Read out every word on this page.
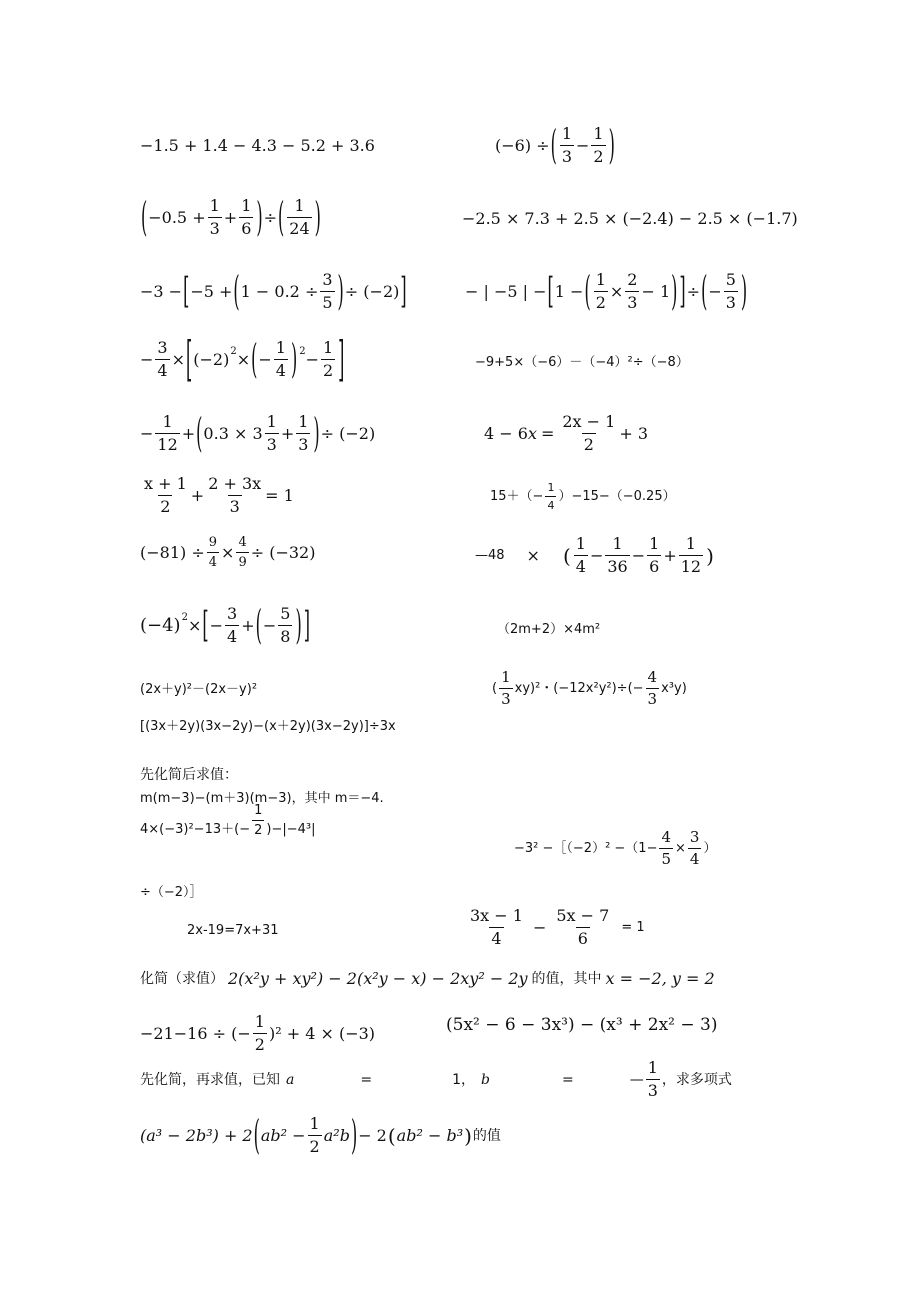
−1.5 + 1.4 − 4.3 − 5.2 + 3.6	(−6) ÷ ( $\frac{1}{3} - \frac{1}{2}$ )
( $-0.5 + \frac{1}{3} + \frac{1}{6}$ ) ÷ ( $\frac{1}{24}$ )	−2.5 × 7.3 + 2.5 × (−2.4) − 2.5 × (−1.7)
−3 − [ −5 + ( $1 - 0.2 \div \frac{3}{5}$ ) ÷ (−2) ]	− | −5 | − [ 1 − ( $\frac{1}{2} \times \frac{2}{3} - 1$ ) ] ÷ ( − $\frac{5}{3}$ )
− $\frac{3}{4}$ × [ (−2) 2 × ( − $\frac{1}{4}$ ) $2 - \frac{1}{2}$ ]	−9+5×（−6）－（−4）²÷（−8）
− $\frac{1}{12}$ + ( $0.3 \times 3 \frac{1}{3} + \frac{1}{3}$ ) ÷ (−2)	4 − 6 $x = \frac{2x - 1}{2} + 3$
$\frac{x + 1}{2} + \frac{2 + 3x}{3} = 1$	$15+(- \frac{1}{4} )-15-(-0.25)$
$(-81) \div \frac{9}{4} \times \frac{4}{9} \div (-32)$	—48 × ( $\frac{1}{4} - \frac{1}{36} - \frac{1}{6} + \frac{1}{12}$ )
(−4) 2 × [ − $\frac{3}{4}$ + ( − $\frac{5}{8}$ ) ]	（2m+2）×4m²
(2x＋y)²－(2x－y)²	( $\frac{1}{3} xy)^2$・$(-12x^2y^2)\div(- \frac{4}{3} x^3y)$
[(3x＋2y)(3x−2y)−(x＋2y)(3x−2y)]÷3x
先化简后求值：
m(m−3)−(m＋3)(m−3)，其中 m＝−4.
$4\times(-3)^2-13+(- \frac{1}{2} )-|-4^3|$
−3² −［（−2）² $-(1- \frac{4}{5} \times \frac{3}{4}$ ）
÷（−2）］
2x-19=7x+31	$\frac{3x - 1}{4} - \frac{5x - 7}{6} = 1$
化简（求值） 2(x²y + xy²) − 2(x²y − x) − 2xy² − 2y 的值，其中 x = −2, y = 2
−21−16 ÷ (− $\frac{1}{2} )^2 + 4 \times (-3)$	(5x² − 6 − 3x³) − (x³ + 2x² − 3)
先化简，再求值，已知 a	=	1， b	=	— $\frac{1}{3}$ ，求多项式
(a³ − 2b³) + 2 ( $ab^2 - \frac{1}{2} a^2b$ ) − 2 ( ab² − b³ ) 的值
